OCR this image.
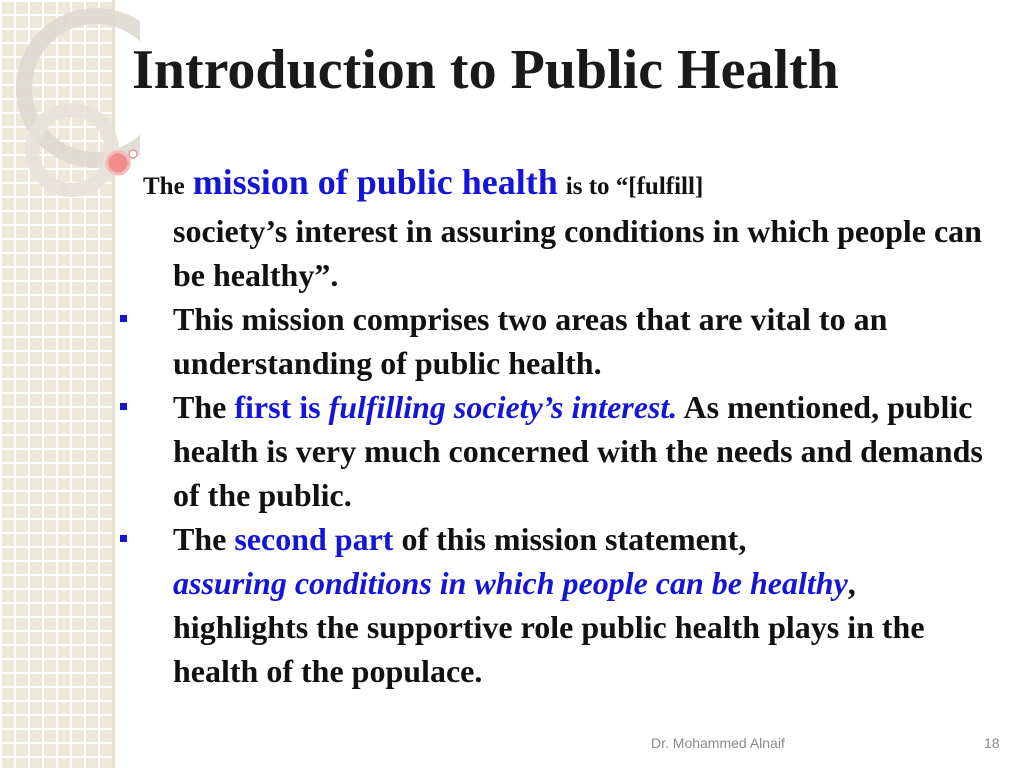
Introduction to Public Health
The mission of public health is to “[fulfill]
society’s interest in assuring conditions in which people can be healthy”.
This mission comprises two areas that are vital to an understanding of public health.
The first is fulfilling society’s interest. As mentioned, public health is very much concerned with the needs and demands of the public.
The second part of this mission statement,
assuring conditions in which people can be healthy,
highlights the supportive role public health plays in the health of the populace.
Dr. Mohammed Alnaif	18
